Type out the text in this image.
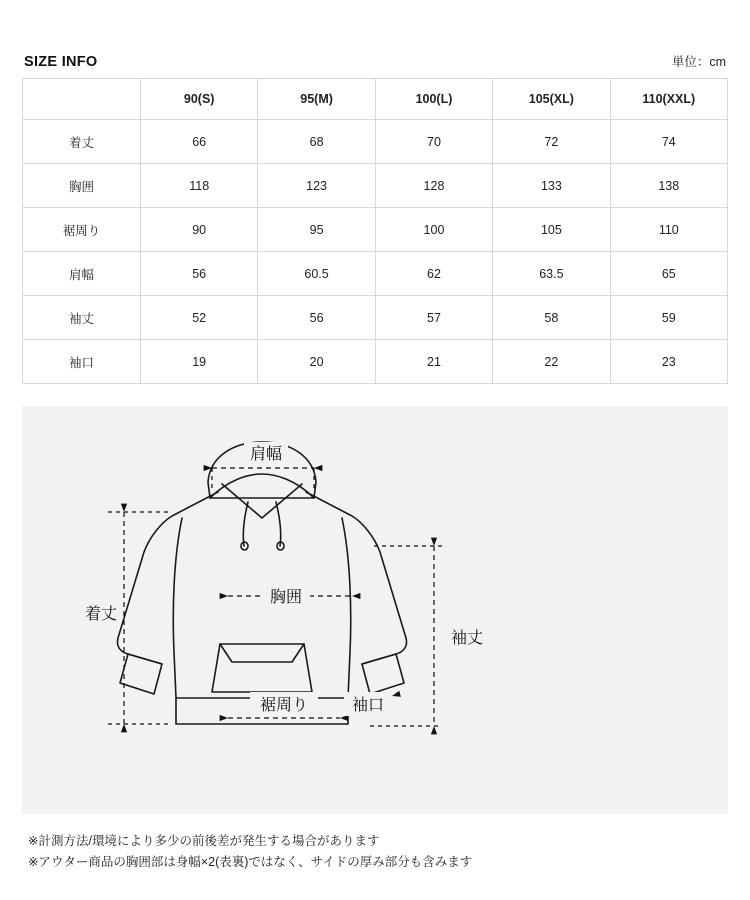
SIZE INFO	単位：cm
	90(S)	95(M)	100(L)	105(XL)	110(XXL)
着丈	66	68	70	72	74
胸囲	118	123	128	133	138
裾周り	90	95	100	105	110
肩幅	56	60.5	62	63.5	65
袖丈	52	56	57	58	59
袖口	19	20	21	22	23
肩幅
胸囲
着丈
袖丈
裾周り	袖口
※計測方法/環境により多少の前後差が発生する場合があります
※アウター商品の胸囲部は身幅×2(表裏)ではなく、サイドの厚み部分も含みます
